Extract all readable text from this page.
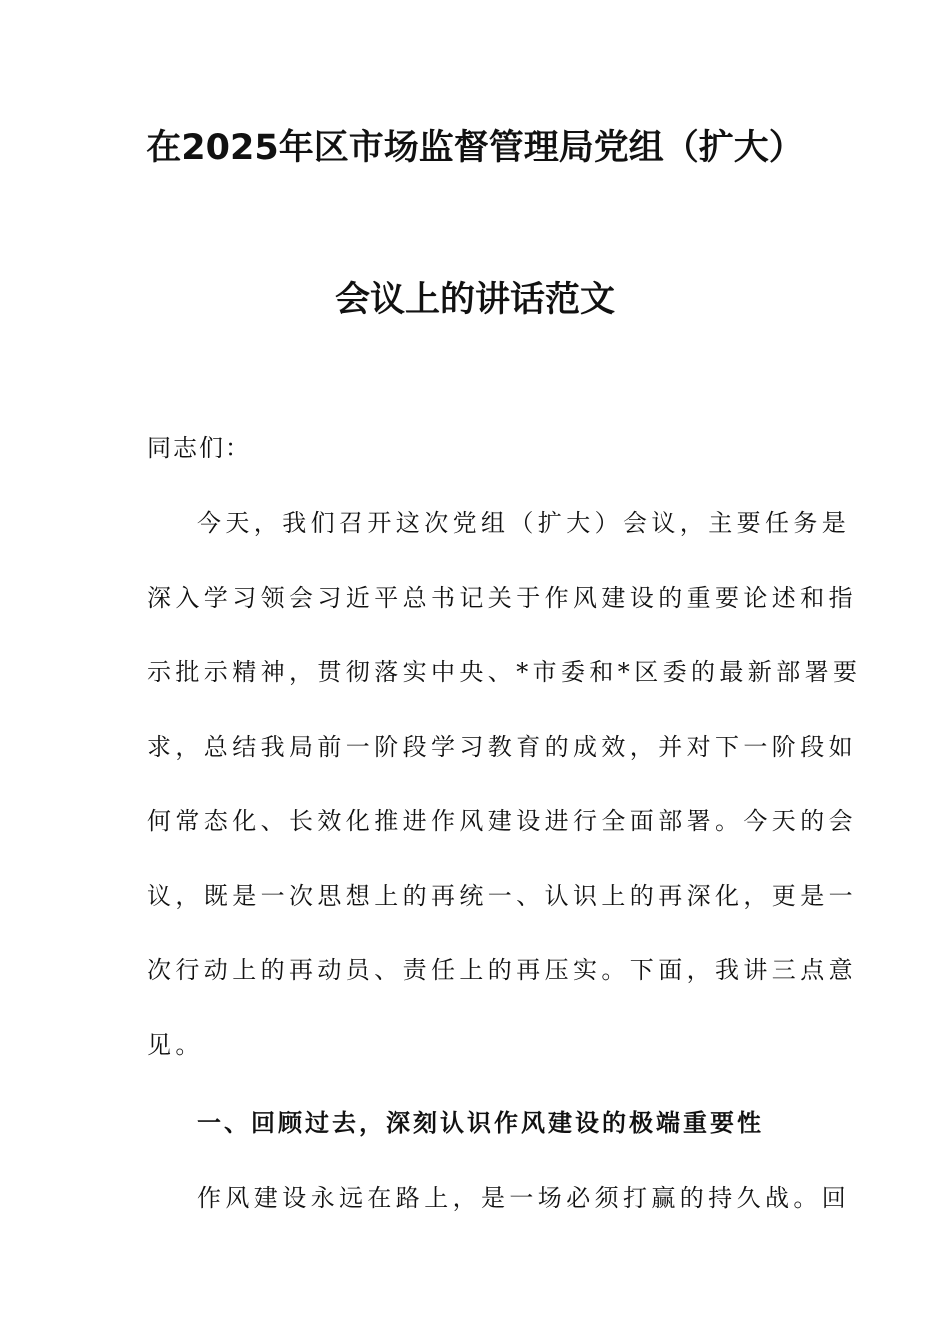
在2025年区市场监督管理局党组（扩大）
会议上的讲话范文
同志们：
今天，我们召开这次党组（扩大）会议，主要任务是
深入学习领会习近平总书记关于作风建设的重要论述和指
示批示精神，贯彻落实中央、*市委和*区委的最新部署要
求，总结我局前一阶段学习教育的成效，并对下一阶段如
何常态化、长效化推进作风建设进行全面部署。今天的会
议，既是一次思想上的再统一、认识上的再深化，更是一
次行动上的再动员、责任上的再压实。下面，我讲三点意
见。
一、回顾过去，深刻认识作风建设的极端重要性
作风建设永远在路上，是一场必须打赢的持久战。回
